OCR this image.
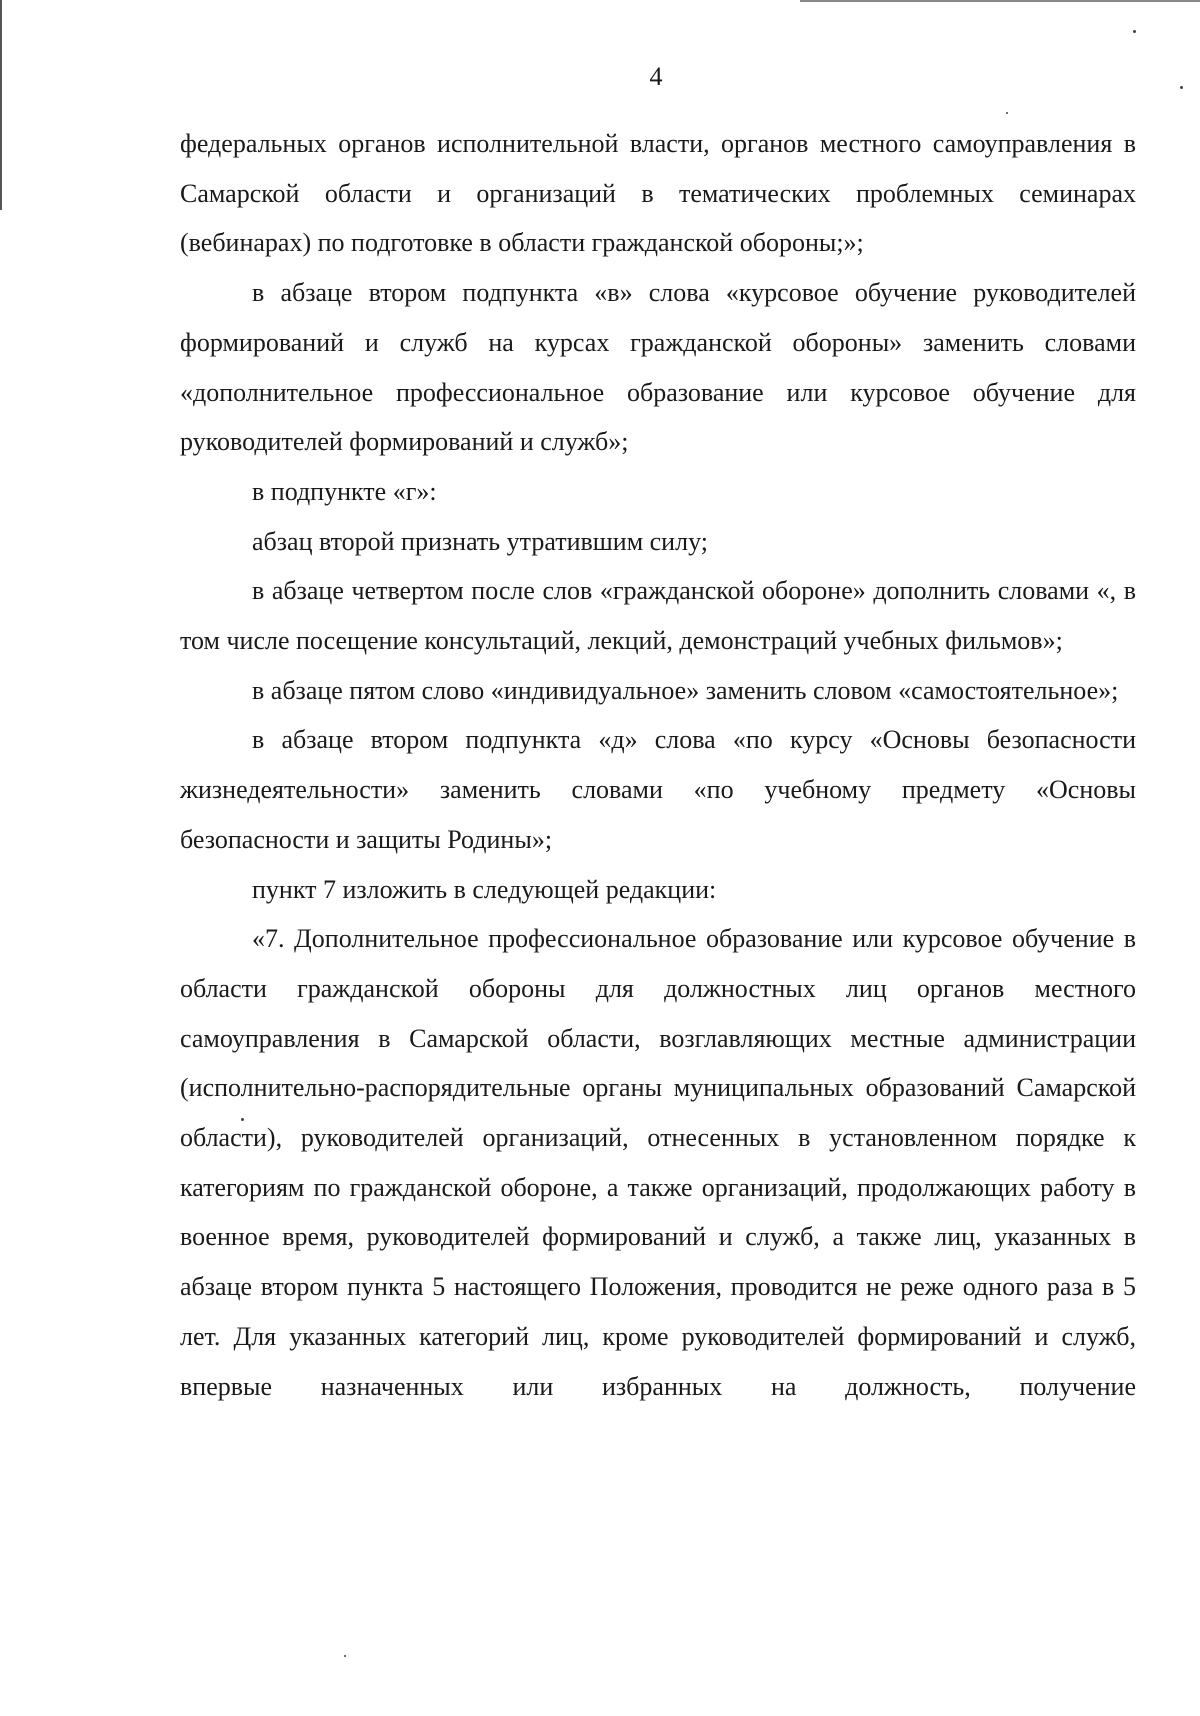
4

федеральных органов исполнительной власти, органов местного самоуправления в Самарской области и организаций в тематических проблемных семинарах (вебинарах) по подготовке в области гражданской обороны;»;

в абзаце втором подпункта «в» слова «курсовое обучение руководителей формирований и служб на курсах гражданской обороны» заменить словами «дополнительное профессиональное образование или курсовое обучение для руководителей формирований и служб»;

в подпункте «г»:

абзац второй признать утратившим силу;

в абзаце четвертом после слов «гражданской обороне» дополнить словами «, в том числе посещение консультаций, лекций, демонстраций учебных фильмов»;

в абзаце пятом слово «индивидуальное» заменить словом «самостоятельное»;

в абзаце втором подпункта «д» слова «по курсу «Основы безопасности жизнедеятельности» заменить словами «по учебному предмету «Основы безопасности и защиты Родины»;

пункт 7 изложить в следующей редакции:

«7. Дополнительное профессиональное образование или курсовое обучение в области гражданской обороны для должностных лиц органов местного самоуправления в Самарской области, возглавляющих местные администрации (исполнительно-распорядительные органы муниципальных образований Самарской области), руководителей организаций, отнесенных в установленном порядке к категориям по гражданской обороне, а также организаций, продолжающих работу в военное время, руководителей формирований и служб, а также лиц, указанных в абзаце втором пункта 5 настоящего Положения, проводится не реже одного раза в 5 лет. Для указанных категорий лиц, кроме руководителей формирований и служб, впервые назначенных или избранных на должность, получение
